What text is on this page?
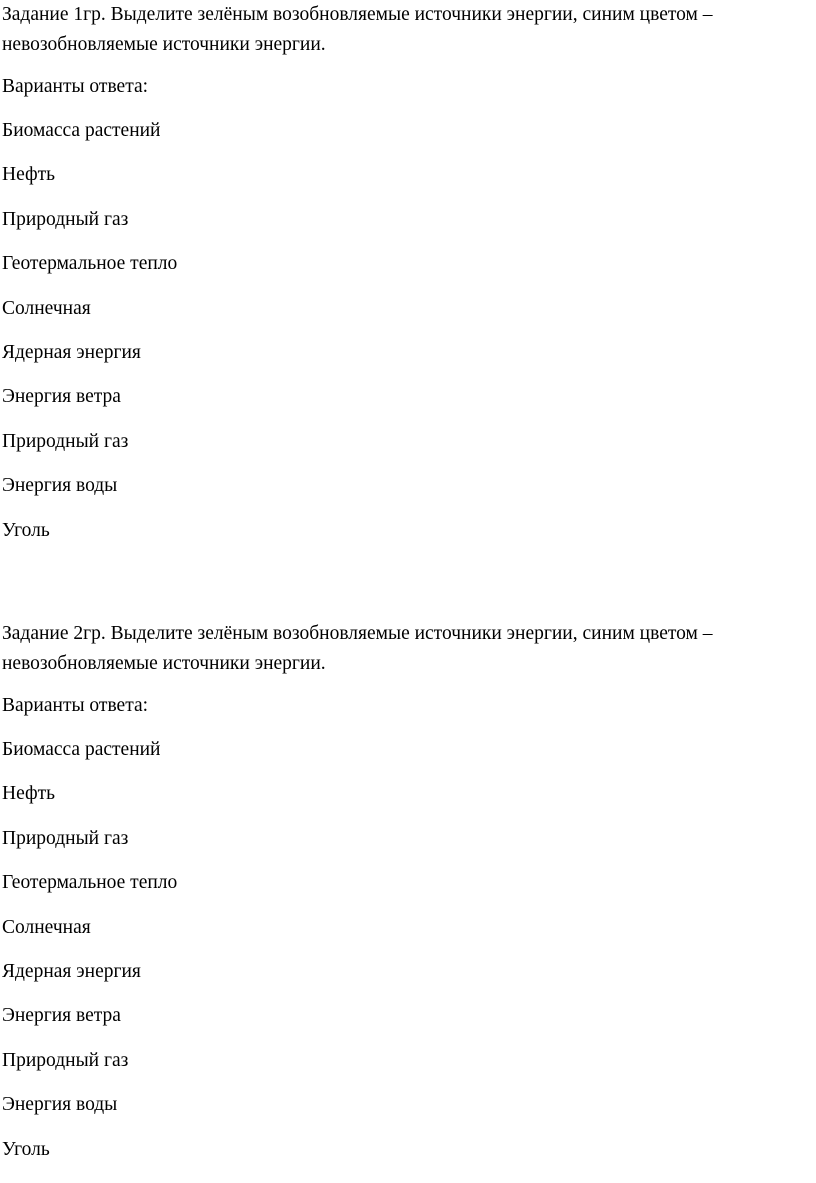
Задание 1гр. Выделите зелёным возобновляемые источники энергии, синим цветом – невозобновляемые источники энергии.

Варианты ответа:

Биомасса растений
Нефть
Природный газ
Геотермальное тепло
Солнечная
Ядерная энергия
Энергия ветра
Природный газ
Энергия воды
Уголь

Задание 2гр. Выделите зелёным возобновляемые источники энергии, синим цветом – невозобновляемые источники энергии.

Варианты ответа:

Биомасса растений
Нефть
Природный газ
Геотермальное тепло
Солнечная
Ядерная энергия
Энергия ветра
Природный газ
Энергия воды
Уголь
